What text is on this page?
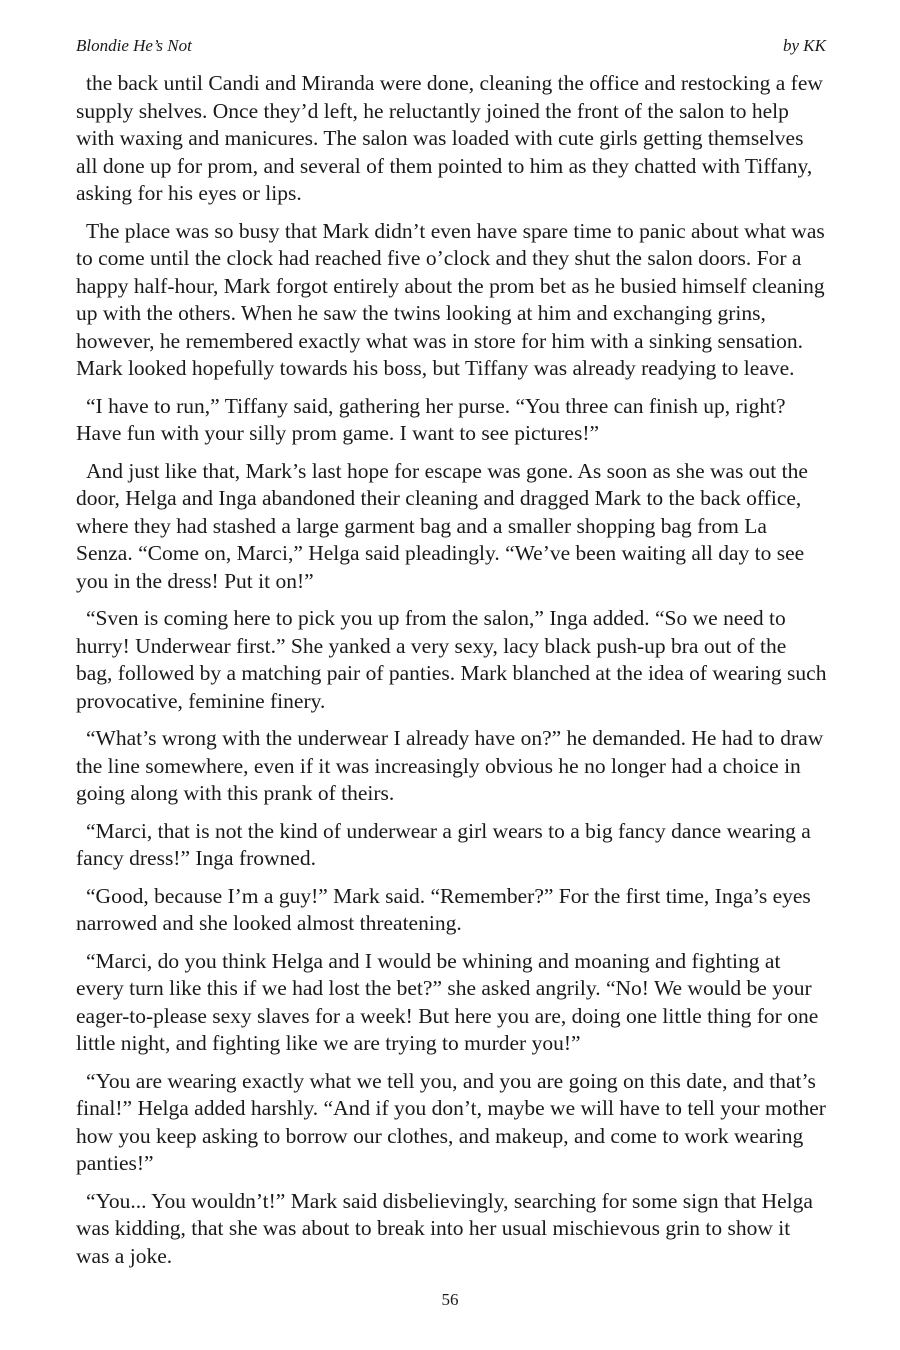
Blondie He’s Not	by KK

the back until Candi and Miranda were done, cleaning the office and restocking a few supply shelves. Once they’d left, he reluctantly joined the front of the salon to help with waxing and manicures. The salon was loaded with cute girls getting themselves all done up for prom, and several of them pointed to him as they chatted with Tiffany, asking for his eyes or lips.

The place was so busy that Mark didn’t even have spare time to panic about what was to come until the clock had reached five o’clock and they shut the salon doors. For a happy half-hour, Mark forgot entirely about the prom bet as he busied himself cleaning up with the others. When he saw the twins looking at him and exchanging grins, however, he remembered exactly what was in store for him with a sinking sensation. Mark looked hopefully towards his boss, but Tiffany was already readying to leave.

“I have to run,” Tiffany said, gathering her purse. “You three can finish up, right? Have fun with your silly prom game. I want to see pictures!”

And just like that, Mark’s last hope for escape was gone. As soon as she was out the door, Helga and Inga abandoned their cleaning and dragged Mark to the back office, where they had stashed a large garment bag and a smaller shopping bag from La Senza. “Come on, Marci,” Helga said pleadingly. “We’ve been waiting all day to see you in the dress! Put it on!”

“Sven is coming here to pick you up from the salon,” Inga added. “So we need to hurry! Underwear first.” She yanked a very sexy, lacy black push-up bra out of the bag, followed by a matching pair of panties. Mark blanched at the idea of wearing such provocative, feminine finery.

“What’s wrong with the underwear I already have on?” he demanded. He had to draw the line somewhere, even if it was increasingly obvious he no longer had a choice in going along with this prank of theirs.

“Marci, that is not the kind of underwear a girl wears to a big fancy dance wearing a fancy dress!” Inga frowned.

“Good, because I’m a guy!” Mark said. “Remember?” For the first time, Inga’s eyes narrowed and she looked almost threatening.

“Marci, do you think Helga and I would be whining and moaning and fighting at every turn like this if we had lost the bet?” she asked angrily. “No! We would be your eager-to-please sexy slaves for a week! But here you are, doing one little thing for one little night, and fighting like we are trying to murder you!”

“You are wearing exactly what we tell you, and you are going on this date, and that’s final!” Helga added harshly. “And if you don’t, maybe we will have to tell your mother how you keep asking to borrow our clothes, and makeup, and come to work wearing panties!”

“You... You wouldn’t!” Mark said disbelievingly, searching for some sign that Helga was kidding, that she was about to break into her usual mischievous grin to show it was a joke.

56
